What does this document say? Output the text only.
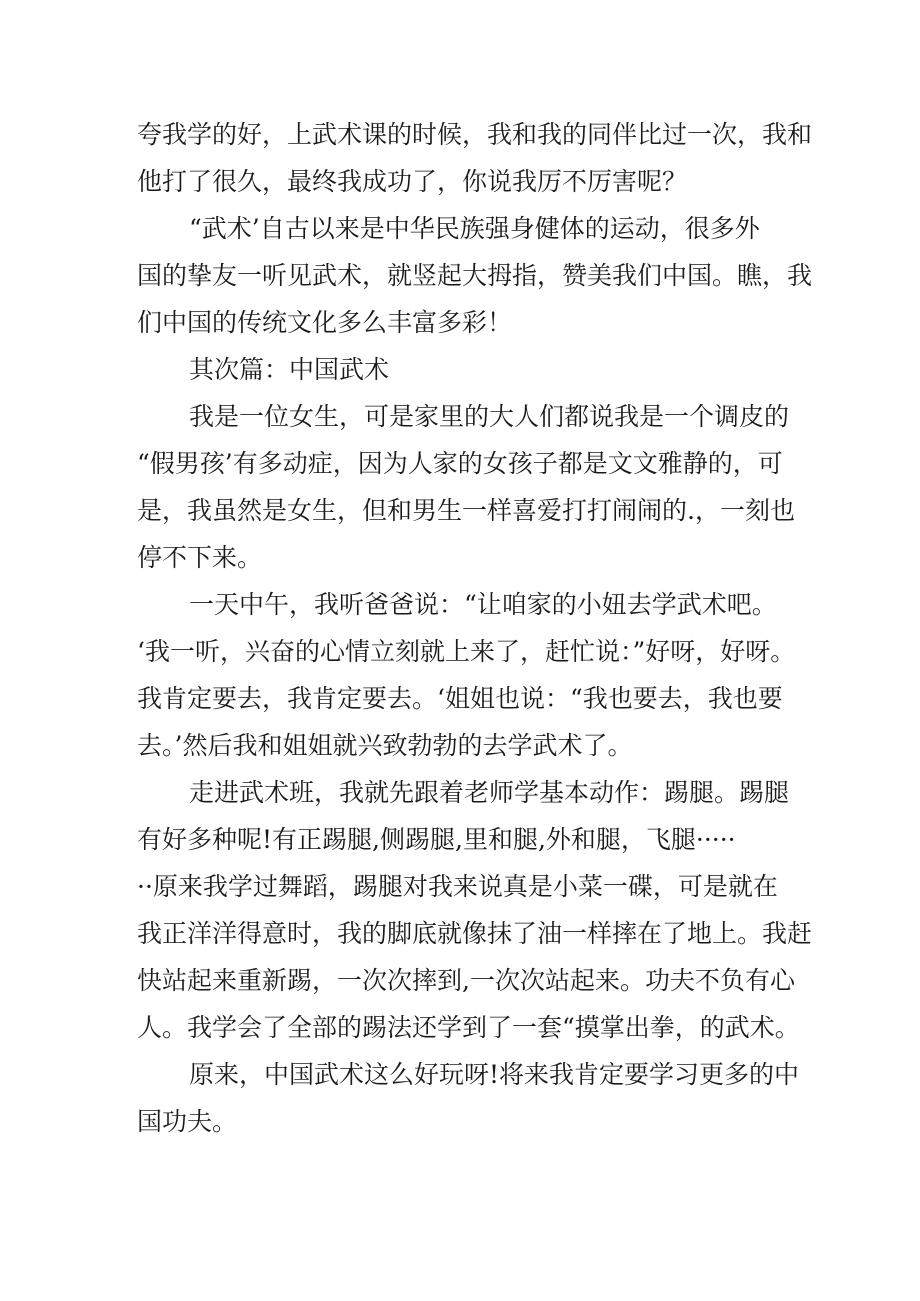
夸我学的好，上武术课的时候，我和我的同伴比过一次，我和
他打了很久，最终我成功了，你说我厉不厉害呢？
“武术’自古以来是中华民族强身健体的运动，很多外
国的挚友一听见武术，就竖起大拇指，赞美我们中国。瞧，我
们中国的传统文化多么丰富多彩！
其次篇：中国武术
我是一位女生，可是家里的大人们都说我是一个调皮的
“假男孩’有多动症，因为人家的女孩子都是文文雅静的，可
是，我虽然是女生，但和男生一样喜爱打打闹闹的.，一刻也
停不下来。
一天中午，我听爸爸说：“让咱家的小妞去学武术吧。
‘我一听，兴奋的心情立刻就上来了，赶忙说：”好呀，好呀。
我肯定要去，我肯定要去。‘姐姐也说：“我也要去，我也要
去。’然后我和姐姐就兴致勃勃的去学武术了。
走进武术班，我就先跟着老师学基本动作：踢腿。踢腿
有好多种呢!有正踢腿,侧踢腿,里和腿,外和腿，飞腿·····
··原来我学过舞蹈，踢腿对我来说真是小菜一碟，可是就在
我正洋洋得意时，我的脚底就像抹了油一样摔在了地上。我赶
快站起来重新踢，一次次摔到,一次次站起来。功夫不负有心
人。我学会了全部的踢法还学到了一套“摸掌出拳，的武术。
原来，中国武术这么好玩呀!将来我肯定要学习更多的中
国功夫。
